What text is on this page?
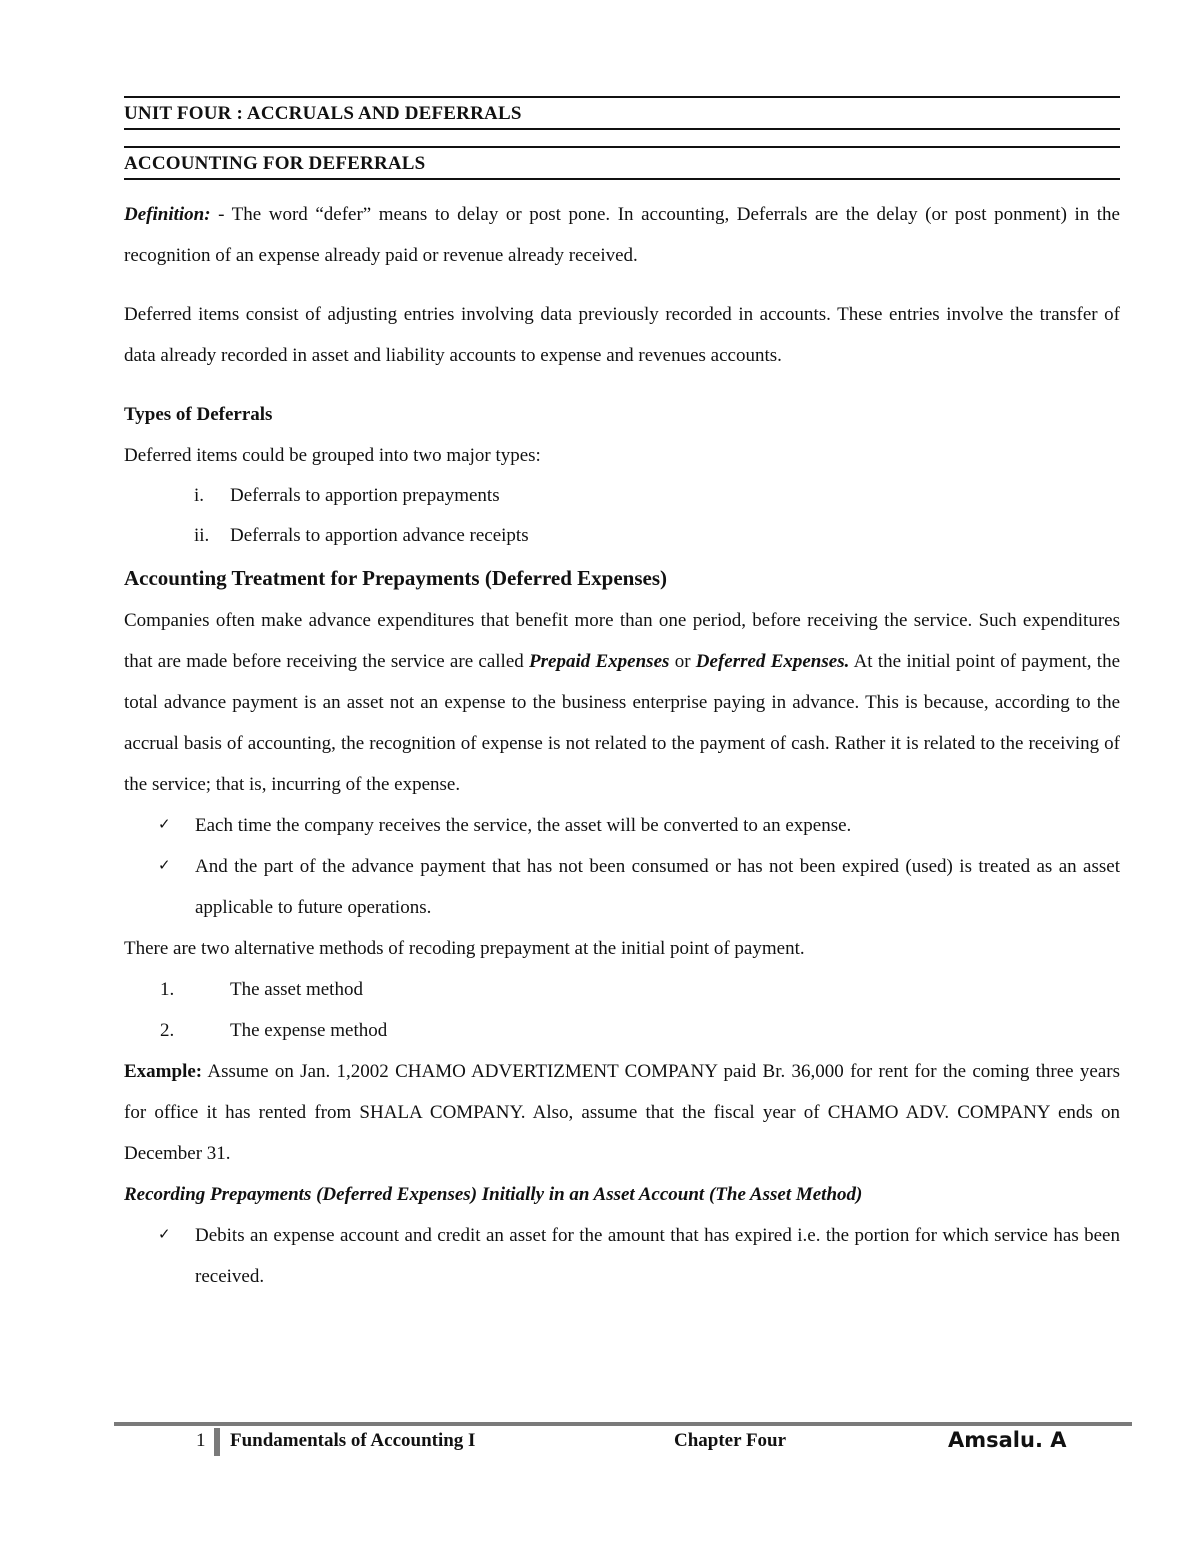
UNIT FOUR : ACCRUALS AND DEFERRALS
ACCOUNTING FOR DEFERRALS

Definition: - The word “defer” means to delay or post pone. In accounting, Deferrals are the delay (or post ponment) in the recognition of an expense already paid or revenue already received.

Deferred items consist of adjusting entries involving data previously recorded in accounts. These entries involve the transfer of data already recorded in asset and liability accounts to expense and revenues accounts.

Types of Deferrals

Deferred items could be grouped into two major types:

i. Deferrals to apportion prepayments
ii. Deferrals to apportion advance receipts
Accounting Treatment for Prepayments (Deferred Expenses)

Companies often make advance expenditures that benefit more than one period, before receiving the service. Such expenditures that are made before receiving the service are called Prepaid Expenses or Deferred Expenses. At the initial point of payment, the total advance payment is an asset not an expense to the business enterprise paying in advance. This is because, according to the accrual basis of accounting, the recognition of expense is not related to the payment of cash. Rather it is related to the receiving of the service; that is, incurring of the expense.

✓ Each time the company receives the service, the asset will be converted to an expense.
✓ And the part of the advance payment that has not been consumed or has not been expired (used) is treated as an asset applicable to future operations.

There are two alternative methods of recoding prepayment at the initial point of payment.

1.	The asset method
2.	The expense method

Example: Assume on Jan. 1,2002 CHAMO ADVERTIZMENT COMPANY paid Br. 36,000 for rent for the coming three years for office it has rented from SHALA COMPANY. Also, assume that the fiscal year of CHAMO ADV. COMPANY ends on December 31.

Recording Prepayments (Deferred Expenses) Initially in an Asset Account (The Asset Method)

✓ Debits an expense account and credit an asset for the amount that has expired i.e. the portion for which service has been received.
1 Fundamentals of Accounting I	Chapter Four	Amsalu. A
